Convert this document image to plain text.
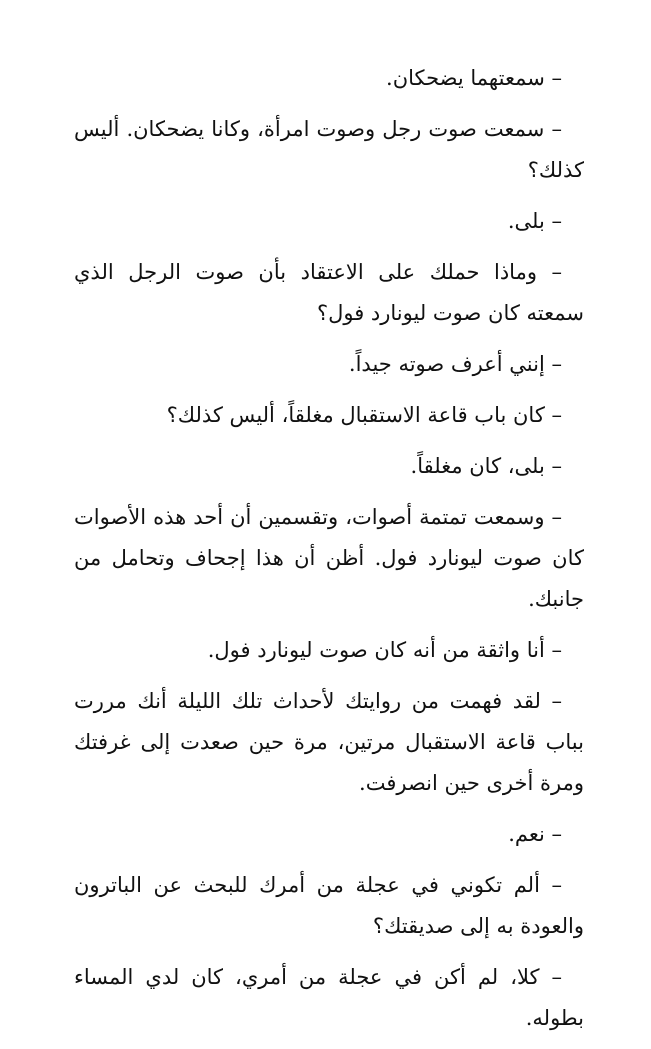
– سمعتهما يضحكان.

– سمعت صوت رجل وصوت امرأة، وكانا يضحكان. أليس كذلك؟

– بلى.

– وماذا حملك على الاعتقاد بأن صوت الرجل الذي سمعته كان صوت ليونارد فول؟

– إنني أعرف صوته جيداً.

– كان باب قاعة الاستقبال مغلقاً، أليس كذلك؟

– بلى، كان مغلقاً.

– وسمعت تمتمة أصوات، وتقسمين أن أحد هذه الأصوات كان صوت ليونارد فول. أظن أن هذا إجحاف وتحامل من جانبك.

– أنا واثقة من أنه كان صوت ليونارد فول.

– لقد فهمت من روايتك لأحداث تلك الليلة أنك مررت بباب قاعة الاستقبال مرتين، مرة حين صعدت إلى غرفتك ومرة أخرى حين انصرفت.

– نعم.

– ألم تكوني في عجلة من أمرك للبحث عن الباترون والعودة به إلى صديقتك؟

– كلا، لم أكن في عجلة من أمري، كان لدي المساء بطوله.
